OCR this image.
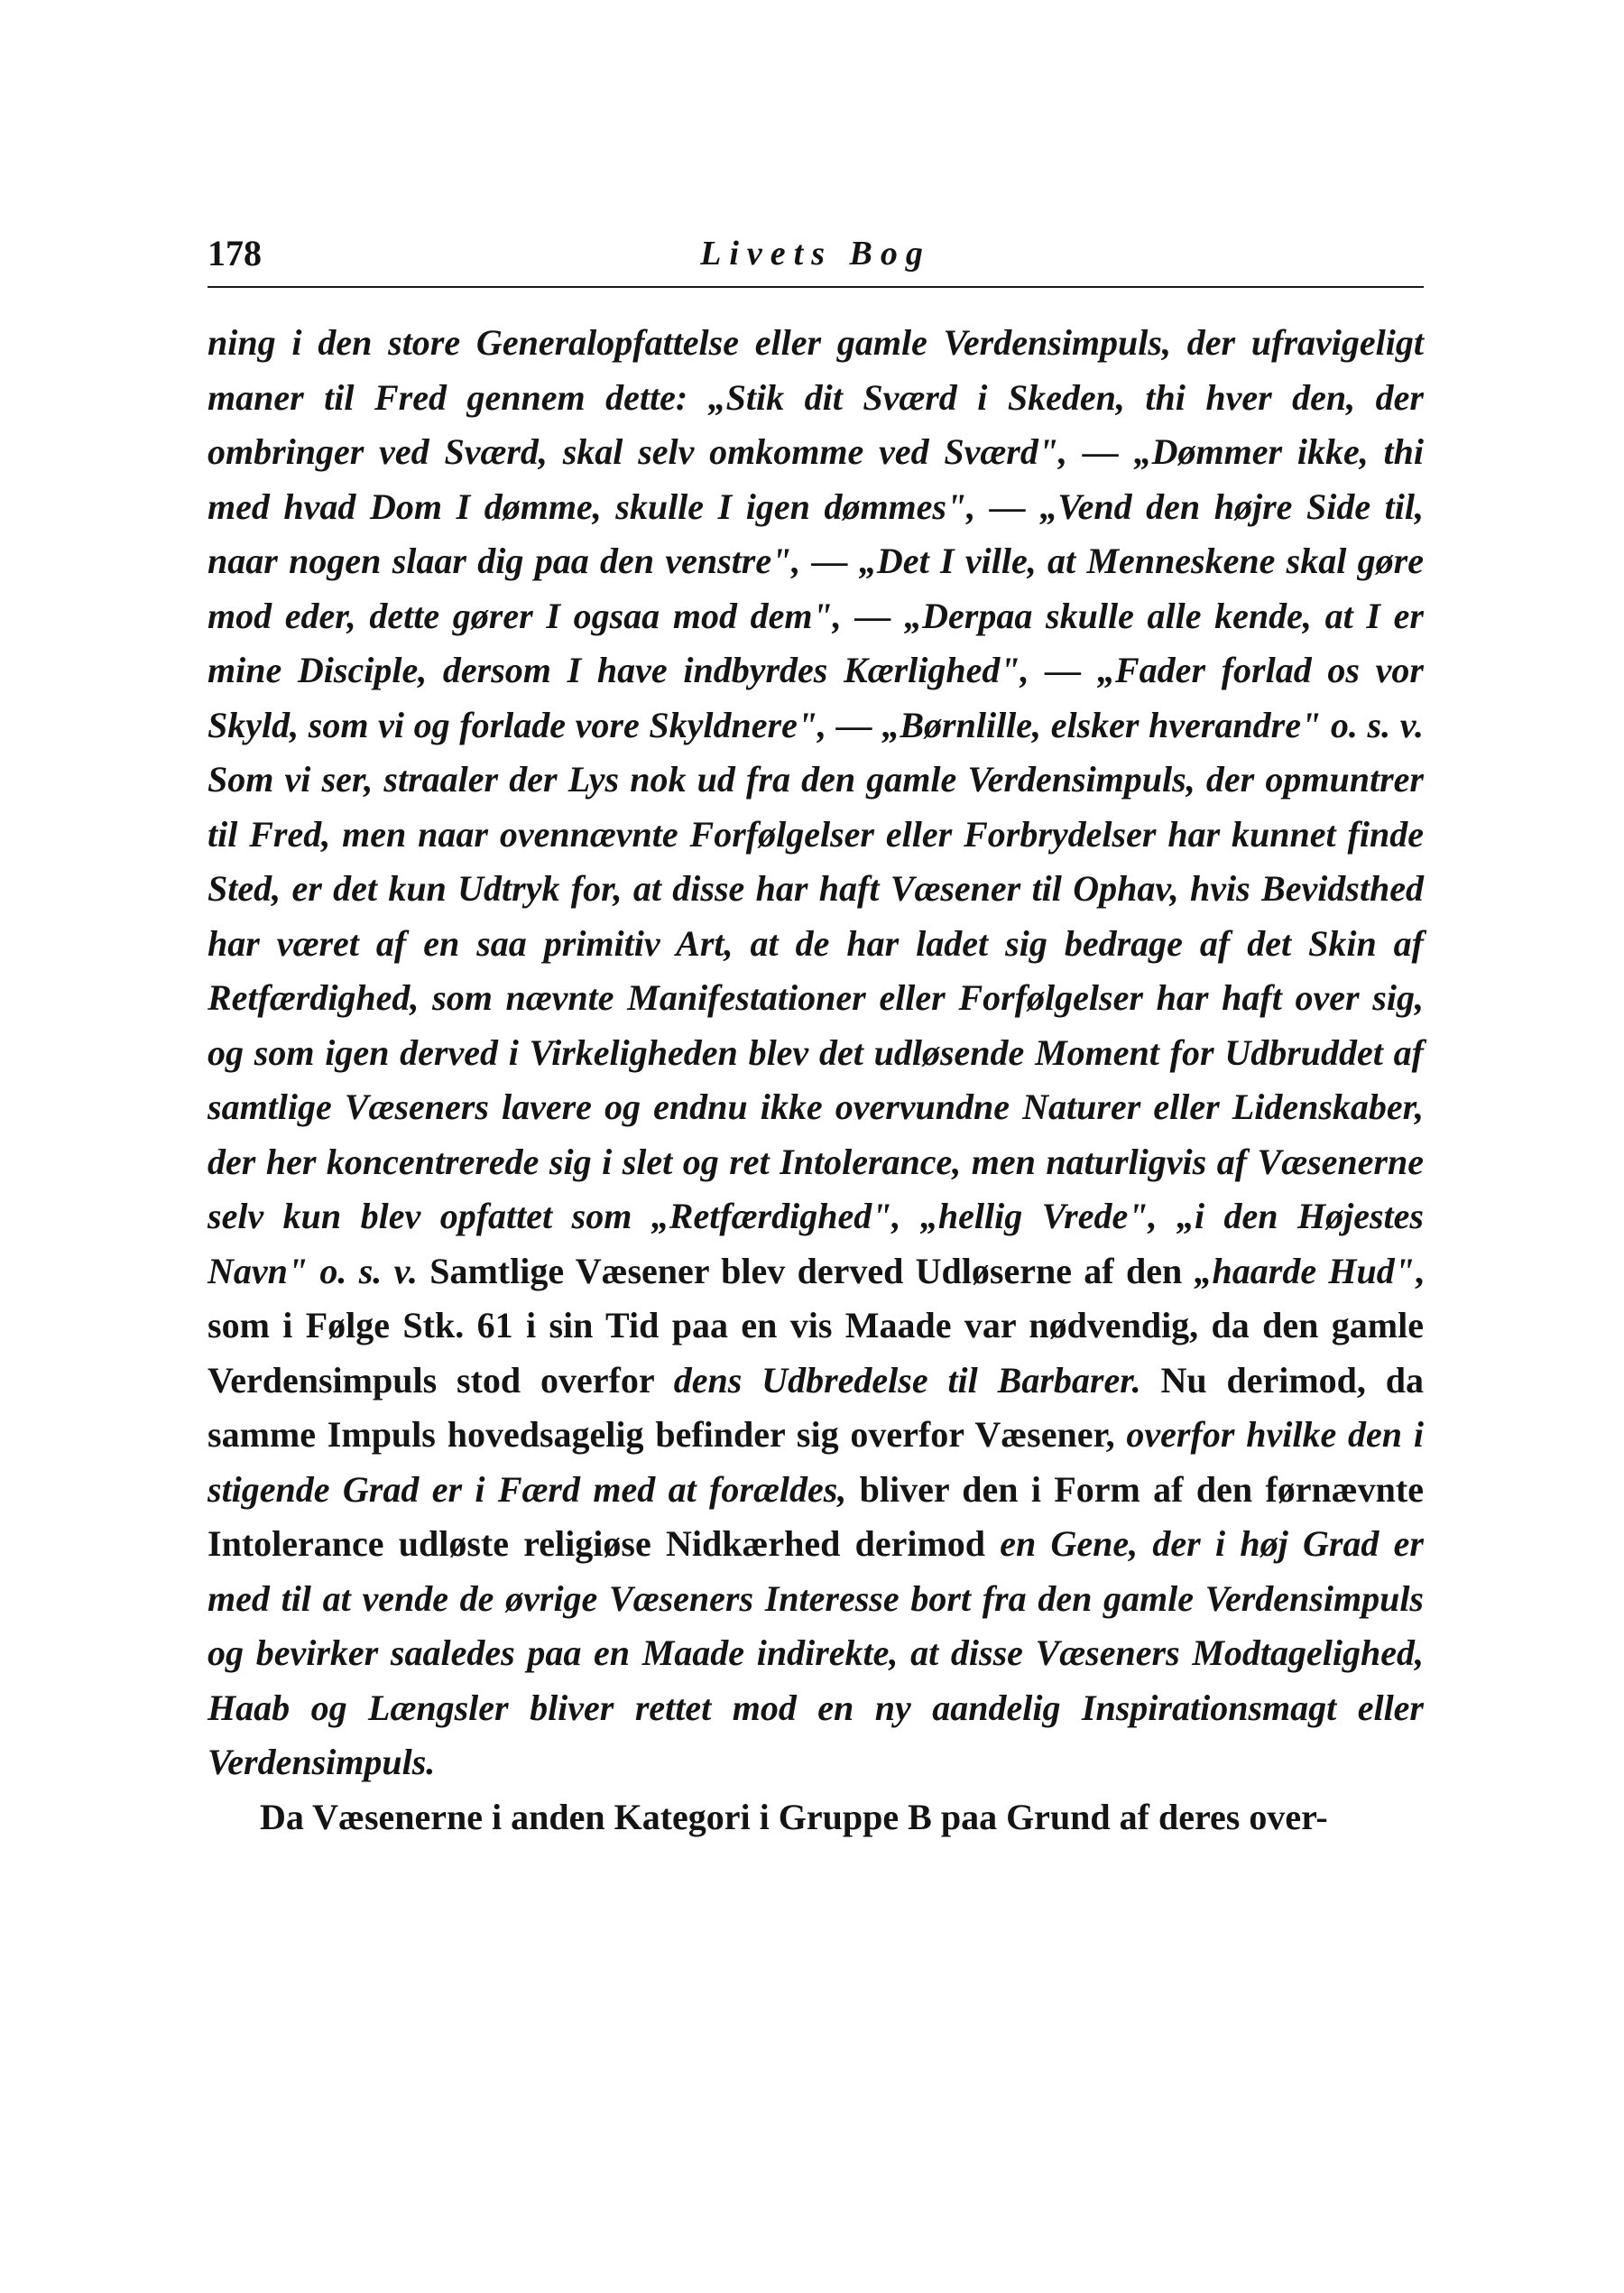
178	Livets Bog

ning i den store Generalopfattelse eller gamle Verdensimpuls, der ufravigeligt maner til Fred gennem dette: „Stik dit Sværd i Skeden, thi hver den, der ombringer ved Sværd, skal selv omkomme ved Sværd", — „Dømmer ikke, thi med hvad Dom I dømme, skulle I igen dømmes", — „Vend den højre Side til, naar nogen slaar dig paa den venstre", — „Det I ville, at Menneskene skal gøre mod eder, dette gører I ogsaa mod dem", — „Derpaa skulle alle kende, at I er mine Disciple, dersom I have indbyrdes Kærlighed", — „Fader forlad os vor Skyld, som vi og forlade vore Skyldnere", — „Børnlille, elsker hverandre" o. s. v. Som vi ser, straaler der Lys nok ud fra den gamle Verdensimpuls, der opmuntrer til Fred, men naar ovennævnte Forfølgelser eller Forbrydelser har kunnet finde Sted, er det kun Udtryk for, at disse har haft Væsener til Ophav, hvis Bevidsthed har været af en saa primitiv Art, at de har ladet sig bedrage af det Skin af Retfærdighed, som nævnte Manifestationer eller Forfølgelser har haft over sig, og som igen derved i Virkeligheden blev det udløsende Moment for Udbruddet af samtlige Væseners lavere og endnu ikke overvundne Naturer eller Lidenskaber, der her koncentrerede sig i slet og ret Intolerance, men naturligvis af Væsenerne selv kun blev opfattet som „Retfærdighed", „hellig Vrede", „i den Højestes Navn" o. s. v. Samtlige Væsener blev derved Udløserne af den „haarde Hud", som i Følge Stk. 61 i sin Tid paa en vis Maade var nødvendig, da den gamle Verdensimpuls stod overfor dens Udbredelse til Barbarer. Nu derimod, da samme Impuls hovedsagelig befinder sig overfor Væsener, overfor hvilke den i stigende Grad er i Færd med at forældes, bliver den i Form af den førnævnte Intolerance udløste religiøse Nidkærhed derimod en Gene, der i høj Grad er med til at vende de øvrige Væseners Interesse bort fra den gamle Verdensimpuls og bevirker saaledes paa en Maade indirekte, at disse Væseners Modtagelighed, Haab og Længsler bliver rettet mod en ny aandelig Inspirationsmagt eller Verdensimpuls.

Da Væsenerne i anden Kategori i Gruppe B paa Grund af deres over-
